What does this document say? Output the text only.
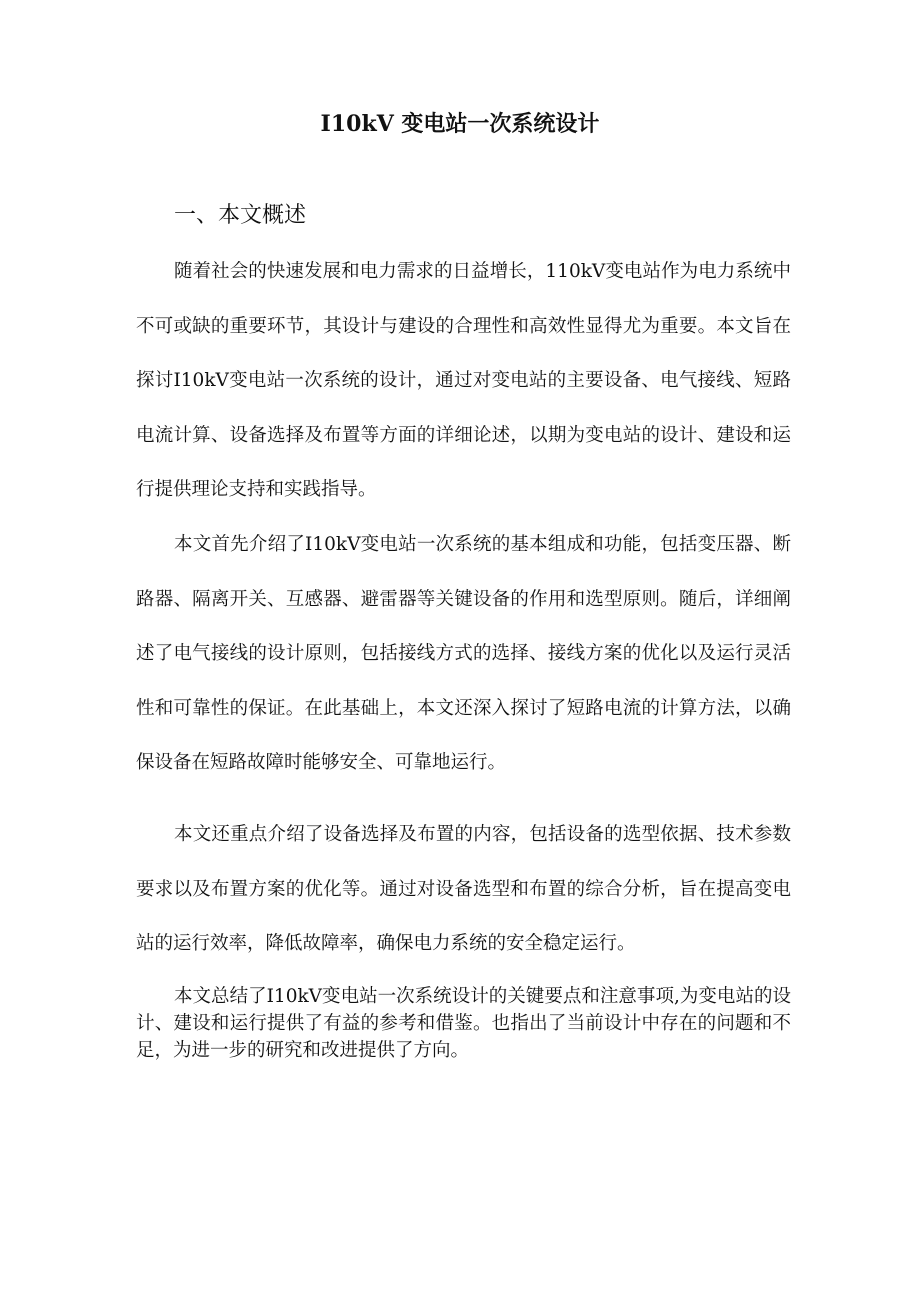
I10kV 变电站一次系统设计
一、本文概述

随着社会的快速发展和电力需求的日益增长，110kV变电站作为电力系统中不可或缺的重要环节，其设计与建设的合理性和高效性显得尤为重要。本文旨在探讨I10kV变电站一次系统的设计，通过对变电站的主要设备、电气接线、短路电流计算、设备选择及布置等方面的详细论述，以期为变电站的设计、建设和运行提供理论支持和实践指导。

本文首先介绍了I10kV变电站一次系统的基本组成和功能，包括变压器、断路器、隔离开关、互感器、避雷器等关键设备的作用和选型原则。随后，详细阐述了电气接线的设计原则，包括接线方式的选择、接线方案的优化以及运行灵活性和可靠性的保证。在此基础上，本文还深入探讨了短路电流的计算方法，以确保设备在短路故障时能够安全、可靠地运行。

本文还重点介绍了设备选择及布置的内容，包括设备的选型依据、技术参数要求以及布置方案的优化等。通过对设备选型和布置的综合分析，旨在提高变电站的运行效率，降低故障率，确保电力系统的安全稳定运行。

本文总结了I10kV变电站一次系统设计的关键要点和注意事项,为变电站的设计、建设和运行提供了有益的参考和借鉴。也指出了当前设计中存在的问题和不足，为进一步的研究和改进提供了方向。
